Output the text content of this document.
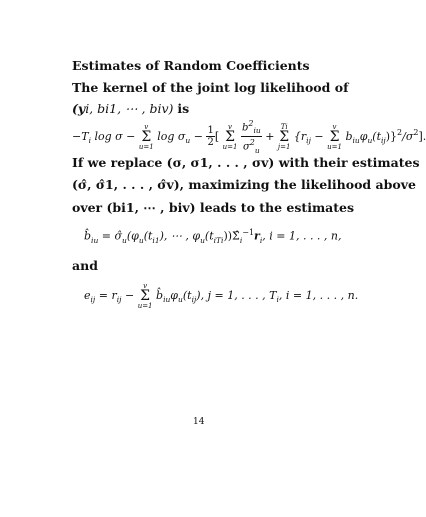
Estimates of Random Coefficients
The kernel of the joint log likelihood of
(yi, bi1, ⋯ , biv) is
$-T_i$ log σ −
v
Σ
u=1
$\log \sigma_u - \frac{1}{2}$ [
v
Σ
u=1
$\frac{b^2_{iu}}{\sigma^2_u}$ +
Ti
Σ
j=1
{$r_{ij}$ −
v
Σ
u=1
$b_{iu}\varphi_u(t_{ij})\}^2/\sigma^2$].
If we replace (σ, σ1, . . . , σv) with their estimates
(σ̂, σ̂1, . . . , σ̂v), maximizing the likelihood above
over (bi1, ⋯ , biv) leads to the estimates
$b̂_{iu}$ = $\sigmâ_u(\varphi_u(t_{i1})$, ⋯ , $\varphi_u(t_{iTi}))\Sigmâ_i^{-1}r_i$, i = 1, . . . , n,
and
$e_{ij} = r_{ij}$ −
v
Σ
u=1
$b̂_{iu}\varphi_u(t_{ij})$, j = 1, . . . , $T_i$, i = 1, . . . , n.
14
